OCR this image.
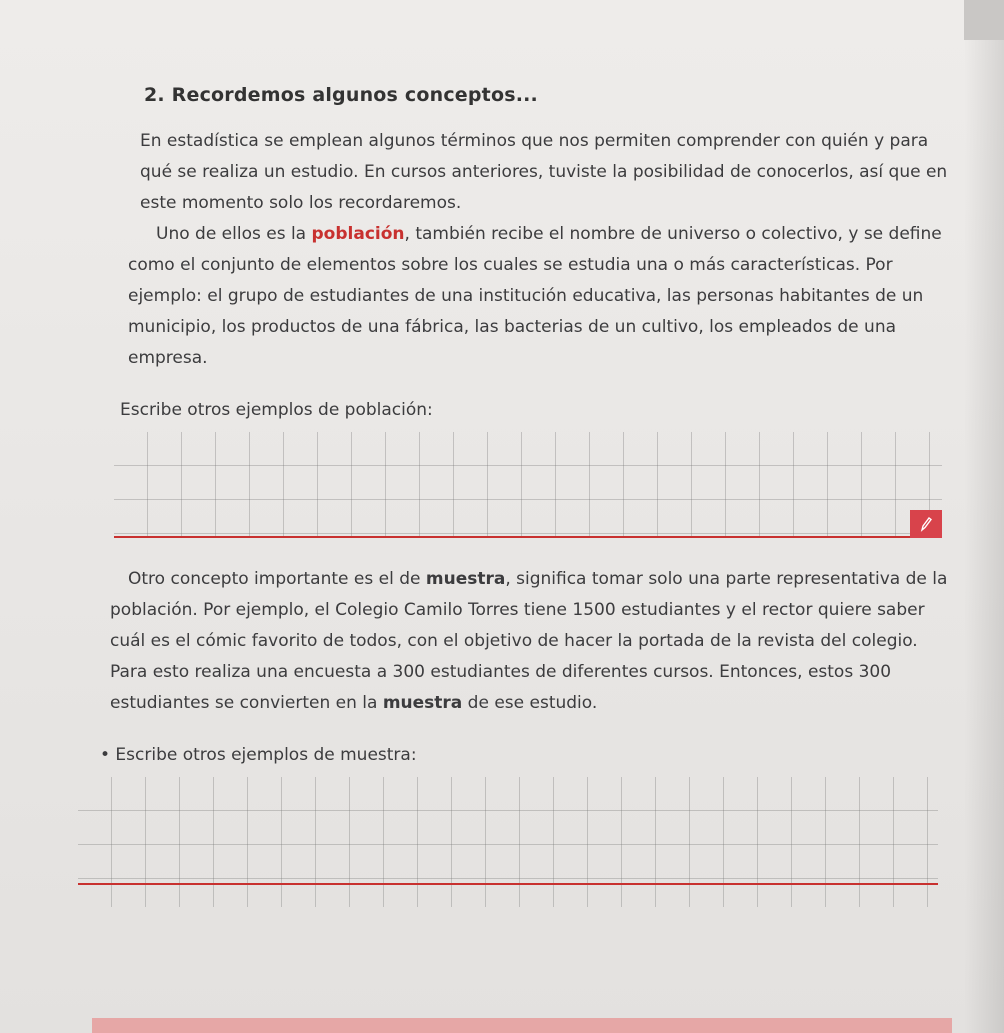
2. Recordemos algunos conceptos...

En estadística se emplean algunos términos que nos permiten comprender con quién y para qué se realiza un estudio. En cursos anteriores, tuviste la posibilidad de conocerlos, así que en este momento solo los recordaremos.

Uno de ellos es la población, también recibe el nombre de universo o colectivo, y se define como el conjunto de elementos sobre los cuales se estudia una o más características. Por ejemplo: el grupo de estudiantes de una institución educativa, las personas habitantes de un municipio, los productos de una fábrica, las bacterias de un cultivo, los empleados de una empresa.

Escribe otros ejemplos de población:

Otro concepto importante es el de muestra, significa tomar solo una parte representativa de la población. Por ejemplo, el Colegio Camilo Torres tiene 1500 estudiantes y el rector quiere saber cuál es el cómic favorito de todos, con el objetivo de hacer la portada de la revista del colegio. Para esto realiza una encuesta a 300 estudiantes de diferentes cursos. Entonces, estos 300 estudiantes se convierten en la muestra de ese estudio.

• Escribe otros ejemplos de muestra:
